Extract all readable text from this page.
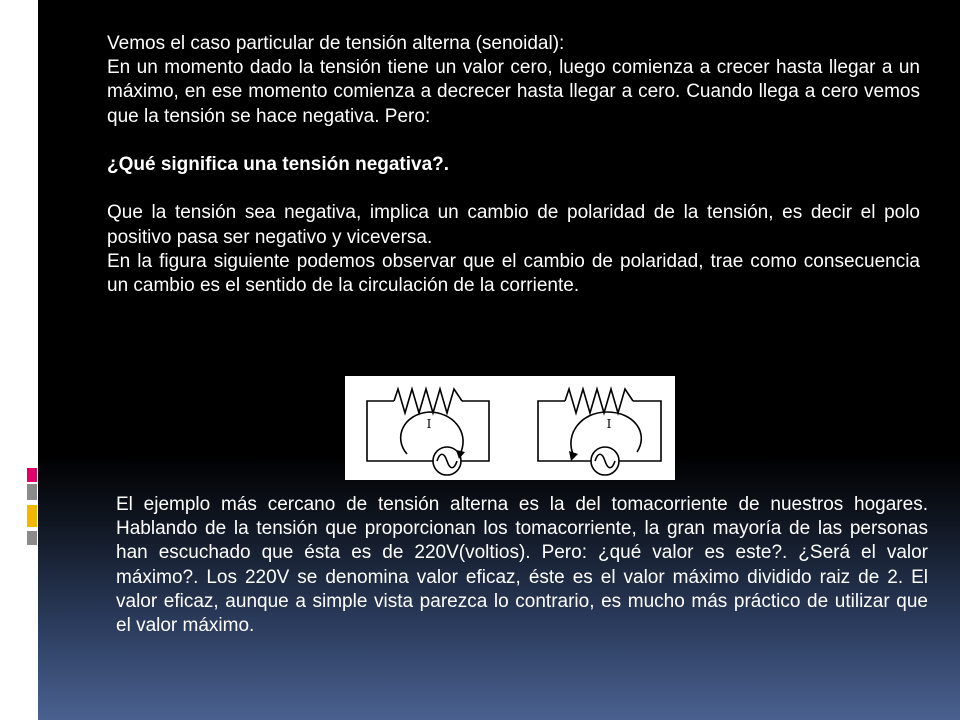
Vemos el caso particular de tensión alterna (senoidal):

En un momento dado la tensión tiene un valor cero, luego comienza a crecer hasta llegar a un máximo, en ese momento comienza a decrecer hasta llegar a cero. Cuando llega a cero vemos que la tensión se hace negativa. Pero:

¿Qué significa una tensión negativa?.

Que la tensión sea negativa, implica un cambio de polaridad de la tensión, es decir el polo positivo pasa ser negativo y viceversa.

En la figura siguiente podemos observar que el cambio de polaridad, trae como consecuencia un cambio es el sentido de la circulación de la corriente.

I	I

El ejemplo más cercano de tensión alterna es la del tomacorriente de nuestros hogares. Hablando de la tensión que proporcionan los tomacorriente, la gran mayoría de las personas han escuchado que ésta es de 220V(voltios). Pero: ¿qué valor es este?. ¿Será el valor máximo?. Los 220V se denomina valor eficaz, éste es el valor máximo dividido raiz de 2. El valor eficaz, aunque a simple vista parezca lo contrario, es mucho más práctico de utilizar que el valor máximo.
